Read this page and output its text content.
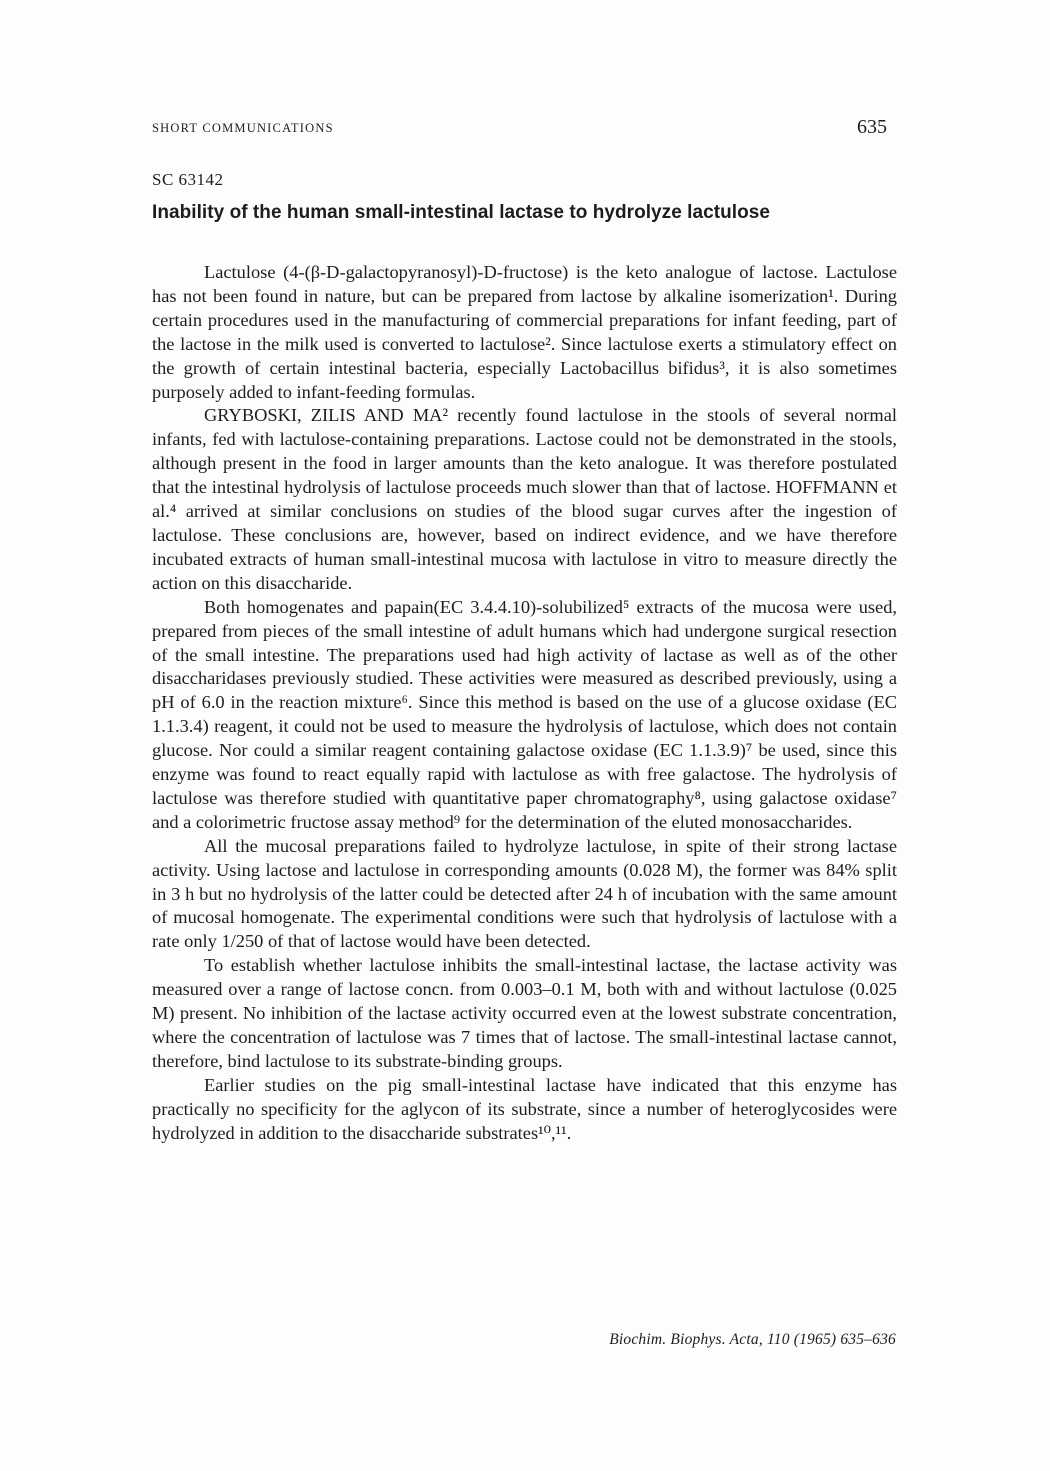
SHORT COMMUNICATIONS	635
SC 63142
Inability of the human small-intestinal lactase to hydrolyze lactulose

Lactulose (4-(β-D-galactopyranosyl)-D-fructose) is the keto analogue of lactose. Lactulose has not been found in nature, but can be prepared from lactose by alkaline isomerization¹. During certain procedures used in the manufacturing of commercial preparations for infant feeding, part of the lactose in the milk used is converted to lactulose². Since lactulose exerts a stimulatory effect on the growth of certain intestinal bacteria, especially Lactobacillus bifidus³, it is also sometimes purposely added to infant-feeding formulas.

GRYBOSKI, ZILIS AND MA² recently found lactulose in the stools of several normal infants, fed with lactulose-containing preparations. Lactose could not be demonstrated in the stools, although present in the food in larger amounts than the keto analogue. It was therefore postulated that the intestinal hydrolysis of lactulose proceeds much slower than that of lactose. HOFFMANN et al.⁴ arrived at similar conclusions on studies of the blood sugar curves after the ingestion of lactulose. These conclusions are, however, based on indirect evidence, and we have therefore incubated extracts of human small-intestinal mucosa with lactulose in vitro to measure directly the action on this disaccharide.

Both homogenates and papain(EC 3.4.4.10)-solubilized⁵ extracts of the mucosa were used, prepared from pieces of the small intestine of adult humans which had undergone surgical resection of the small intestine. The preparations used had high activity of lactase as well as of the other disaccharidases previously studied. These activities were measured as described previously, using a pH of 6.0 in the reaction mixture⁶. Since this method is based on the use of a glucose oxidase (EC 1.1.3.4) reagent, it could not be used to measure the hydrolysis of lactulose, which does not contain glucose. Nor could a similar reagent containing galactose oxidase (EC 1.1.3.9)⁷ be used, since this enzyme was found to react equally rapid with lactulose as with free galactose. The hydrolysis of lactulose was therefore studied with quantitative paper chromatography⁸, using galactose oxidase⁷ and a colorimetric fructose assay method⁹ for the determination of the eluted monosaccharides.

All the mucosal preparations failed to hydrolyze lactulose, in spite of their strong lactase activity. Using lactose and lactulose in corresponding amounts (0.028 M), the former was 84% split in 3 h but no hydrolysis of the latter could be detected after 24 h of incubation with the same amount of mucosal homogenate. The experimental conditions were such that hydrolysis of lactulose with a rate only 1/250 of that of lactose would have been detected.

To establish whether lactulose inhibits the small-intestinal lactase, the lactase activity was measured over a range of lactose concn. from 0.003–0.1 M, both with and without lactulose (0.025 M) present. No inhibition of the lactase activity occurred even at the lowest substrate concentration, where the concentration of lactulose was 7 times that of lactose. The small-intestinal lactase cannot, therefore, bind lactulose to its substrate-binding groups.

Earlier studies on the pig small-intestinal lactase have indicated that this enzyme has practically no specificity for the aglycon of its substrate, since a number of heteroglycosides were hydrolyzed in addition to the disaccharide substrates¹⁰,¹¹.

Biochim. Biophys. Acta, 110 (1965) 635–636
